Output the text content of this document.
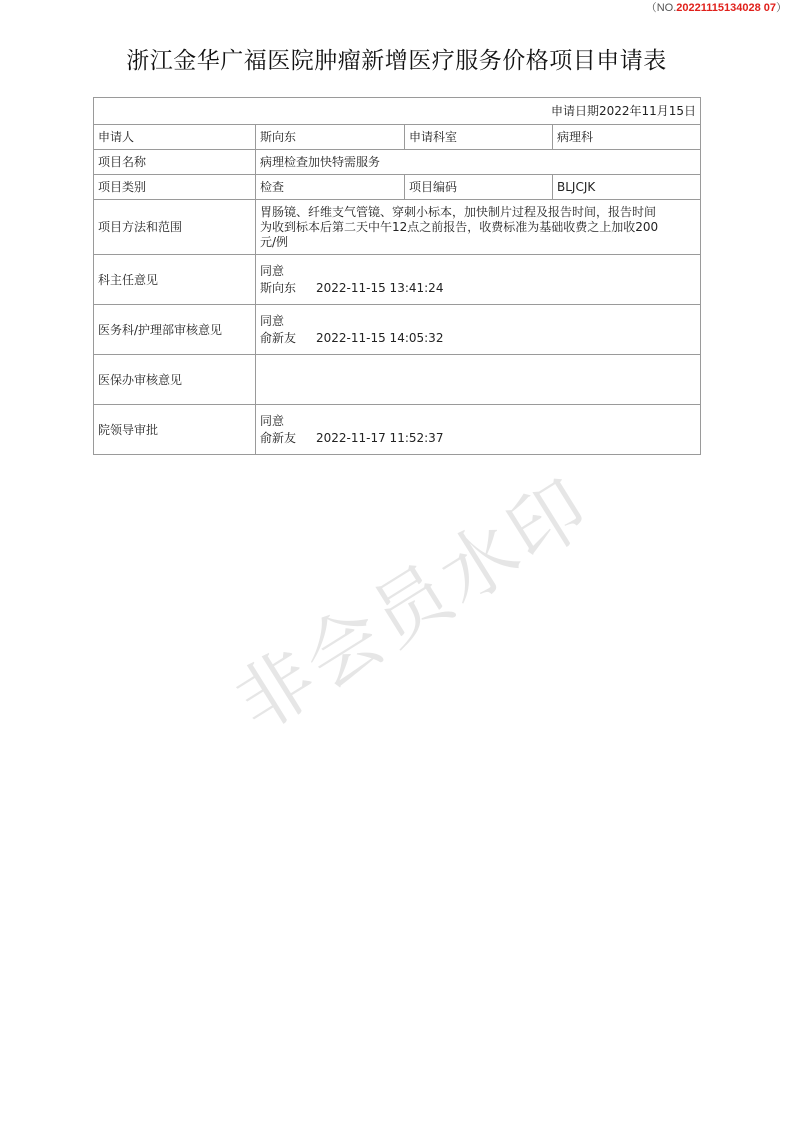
（NO.20221115134028 07）
浙江金华广福医院肿瘤新增医疗服务价格项目申请表
申请日期2022年11月15日			
申请人	斯向东	申请科室	病理科
项目名称	病理检查加快特需服务		
项目类别	检查	项目编码	BLJCJK
项目方法和范围	胃肠镜、纤维支气管镜、穿刺小标本，加快制片过程及报告时间，报告时间为收到标本后第二天中午12点之前报告，收费标准为基础收费之上加收200元/例		

科主任意见	同意
斯向东 2022-11-15 13:41:24		

医务科/护理部审核意见	同意
俞新友 2022-11-15 14:05:32		

医保办审核意见			

院领导审批	同意
俞新友 2022-11-17 11:52:37		
非会员水印
